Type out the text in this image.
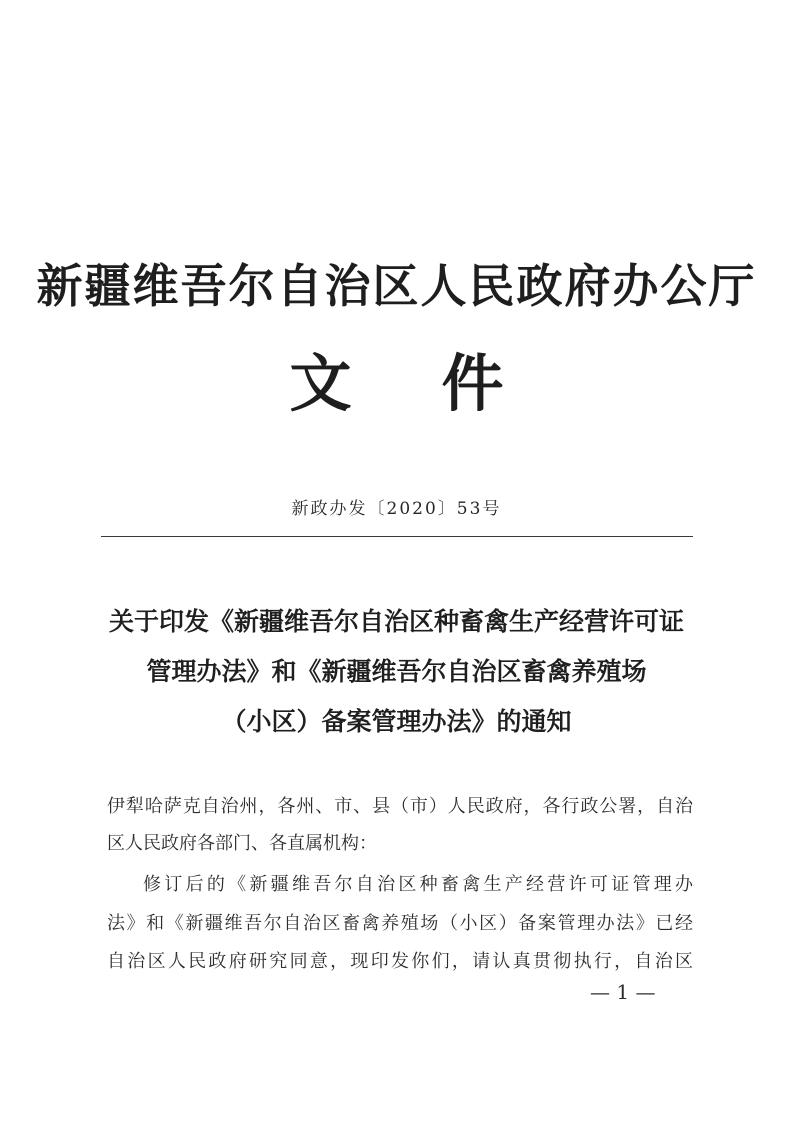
新疆维吾尔自治区人民政府办公厅
文 件
新政办发〔2020〕53号
关于印发《新疆维吾尔自治区种畜禽生产经营许可证
管理办法》和《新疆维吾尔自治区畜禽养殖场
（小区）备案管理办法》的通知
伊犁哈萨克自治州，各州、市、县（市）人民政府，各行政公署，自治
区人民政府各部门、各直属机构：
修订后的《新疆维吾尔自治区种畜禽生产经营许可证管理办
法》和《新疆维吾尔自治区畜禽养殖场（小区）备案管理办法》已经
自治区人民政府研究同意，现印发你们，请认真贯彻执行，自治区
— 1 —
